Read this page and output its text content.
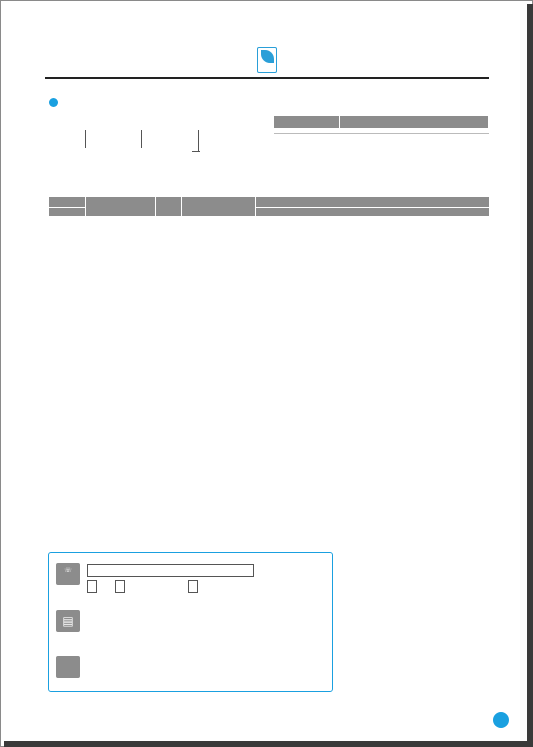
☏

▤
